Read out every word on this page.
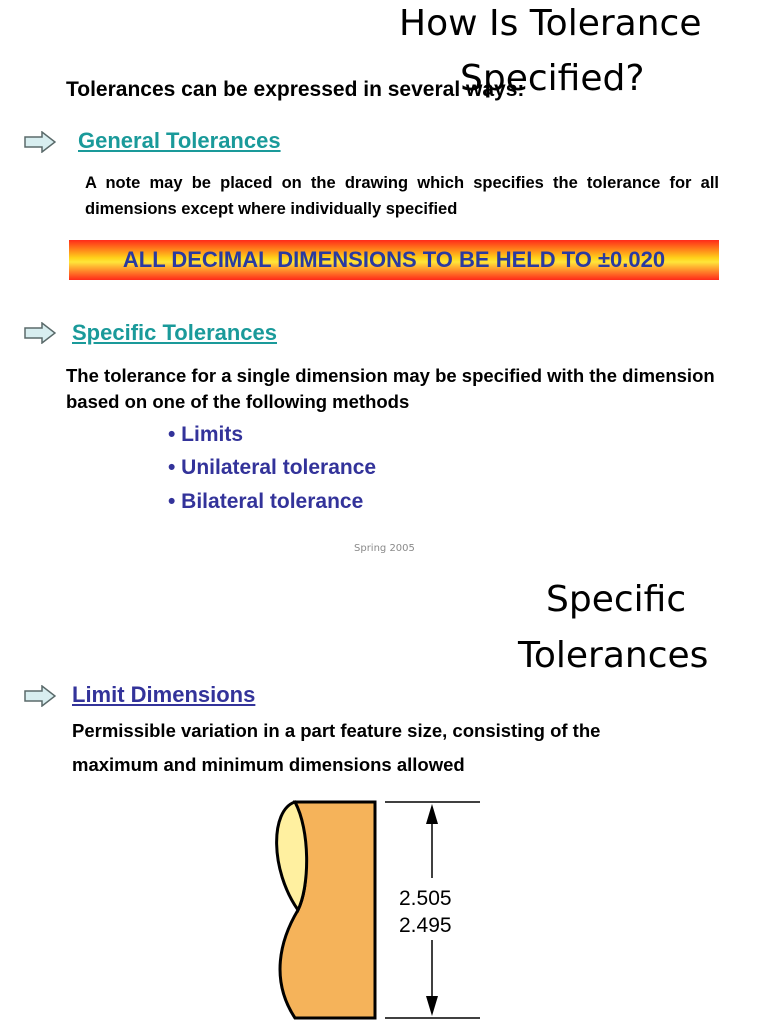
How Is Tolerance
Specified?
Tolerances can be expressed in several ways:
General Tolerances
A note may be placed on the drawing which specifies the tolerance for all dimensions except where individually specified
ALL DECIMAL DIMENSIONS TO BE HELD TO ±0.020
Specific Tolerances
The tolerance for a single dimension may be specified with the dimension   based on one of the following methods
• Limits
• Unilateral tolerance
• Bilateral tolerance
Spring 2005
Specific
Tolerances
Limit Dimensions
Permissible variation in a part feature size, consisting of the
maximum and minimum dimensions allowed
2.505
2.495
